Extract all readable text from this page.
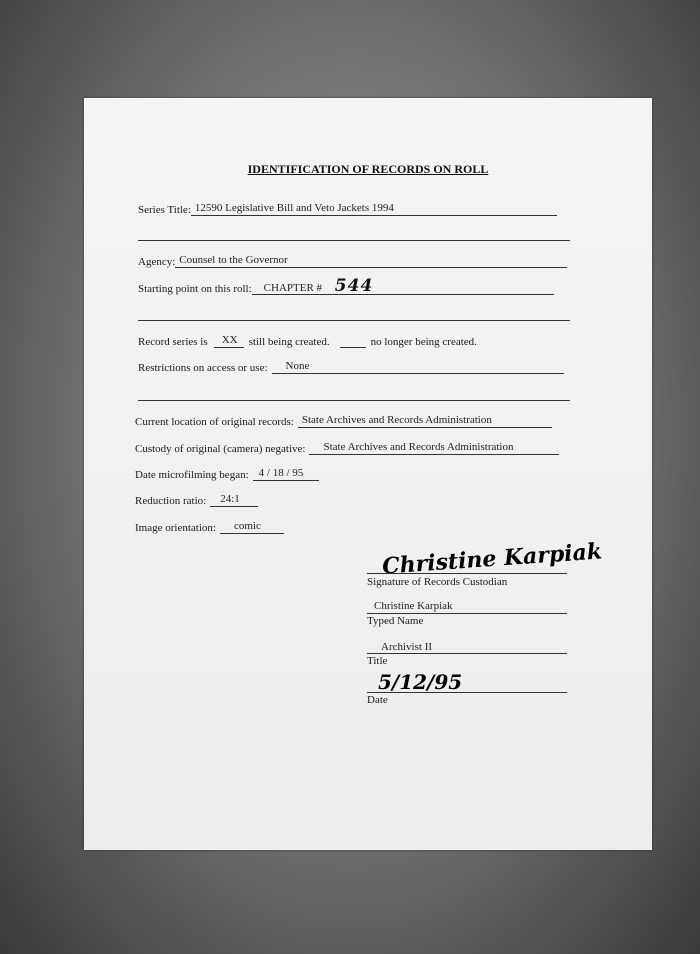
IDENTIFICATION OF RECORDS ON ROLL
Series Title: 12590 Legislative Bill and Veto Jackets 1994
Agency: Counsel to the Governor
Starting point on this roll:	CHAPTER # 544
Record series is	XX	still being created.	no longer being created.
Restrictions on access or use:	None
Current location of original records: State Archives and Records Administration
Custody of original (camera) negative:	State Archives and Records Administration
Date microfilming began: 4 / 18 / 95
Reduction ratio:	24:1
Image orientation:	comic
Christine Karpiak
Signature of Records Custodian
Christine Karpiak
Typed Name
Archivist II
Title
5/12/95
Date
